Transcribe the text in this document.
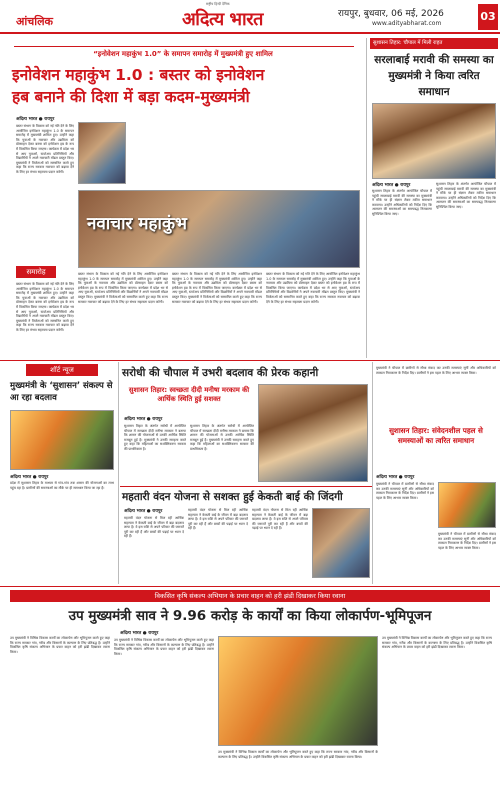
आंचलिक
राष्ट्रीय हिन्दी दैनिक
अदित्य भारत	रायपुर, बुधवार, 06 मई, 2026
www.adityabharat.com
03
“इनोवेशन महाकुंभ 1.0” के समापन समारोह में मुख्यमंत्री हुए शामिल
इनोवेशन महाकुंभ 1.0 : बस्तर को इनोवेशन
हब बनाने की दिशा में बड़ा कदम-मुख्यमंत्री
अदित्य भारत ● रायपुर
बस्तर संभाग के विकास को नई गति देने के लिए आयोजित इनोवेशन महाकुंभ 1.0 के समापन समारोह में मुख्यमंत्री शामिल हुए। उन्होंने कहा कि युवाओं के नवाचार और उद्यमिता को प्रोत्साहन देकर बस्तर को इनोवेशन हब के रूप में विकसित किया जाएगा। कार्यक्रम में प्रदेश भर से आए युवाओं, स्टार्टअप प्रतिनिधियों और विद्यार्थियों ने अपने नवाचारी मॉडल प्रस्तुत किए। मुख्यमंत्री ने विजेताओं को सम्मानित करते हुए कहा कि राज्य सरकार नवाचार को बढ़ावा देने के लिए हर संभव सहायता प्रदान करेगी।
समारोह
बस्तर संभाग के विकास को नई गति देने के लिए आयोजित इनोवेशन महाकुंभ 1.0 के समापन समारोह में मुख्यमंत्री शामिल हुए। उन्होंने कहा कि युवाओं के नवाचार और उद्यमिता को प्रोत्साहन देकर बस्तर को इनोवेशन हब के रूप में विकसित किया जाएगा। कार्यक्रम में प्रदेश भर से आए युवाओं, स्टार्टअप प्रतिनिधियों और विद्यार्थियों ने अपने नवाचारी मॉडल प्रस्तुत किए। मुख्यमंत्री ने विजेताओं को सम्मानित करते हुए कहा कि राज्य सरकार नवाचार को बढ़ावा देने के लिए हर संभव सहायता प्रदान करेगी।
नवाचार महाकुंभ
बस्तर संभाग के विकास को नई गति देने के लिए आयोजित इनोवेशन महाकुंभ 1.0 के समापन समारोह में मुख्यमंत्री शामिल हुए। उन्होंने कहा कि युवाओं के नवाचार और उद्यमिता को प्रोत्साहन देकर बस्तर को इनोवेशन हब के रूप में विकसित किया जाएगा। कार्यक्रम में प्रदेश भर से आए युवाओं, स्टार्टअप प्रतिनिधियों और विद्यार्थियों ने अपने नवाचारी मॉडल प्रस्तुत किए। मुख्यमंत्री ने विजेताओं को सम्मानित करते हुए कहा कि राज्य सरकार नवाचार को बढ़ावा देने के लिए हर संभव सहायता प्रदान करेगी।
बस्तर संभाग के विकास को नई गति देने के लिए आयोजित इनोवेशन महाकुंभ 1.0 के समापन समारोह में मुख्यमंत्री शामिल हुए। उन्होंने कहा कि युवाओं के नवाचार और उद्यमिता को प्रोत्साहन देकर बस्तर को इनोवेशन हब के रूप में विकसित किया जाएगा। कार्यक्रम में प्रदेश भर से आए युवाओं, स्टार्टअप प्रतिनिधियों और विद्यार्थियों ने अपने नवाचारी मॉडल प्रस्तुत किए। मुख्यमंत्री ने विजेताओं को सम्मानित करते हुए कहा कि राज्य सरकार नवाचार को बढ़ावा देने के लिए हर संभव सहायता प्रदान करेगी।
बस्तर संभाग के विकास को नई गति देने के लिए आयोजित इनोवेशन महाकुंभ 1.0 के समापन समारोह में मुख्यमंत्री शामिल हुए। उन्होंने कहा कि युवाओं के नवाचार और उद्यमिता को प्रोत्साहन देकर बस्तर को इनोवेशन हब के रूप में विकसित किया जाएगा। कार्यक्रम में प्रदेश भर से आए युवाओं, स्टार्टअप प्रतिनिधियों और विद्यार्थियों ने अपने नवाचारी मॉडल प्रस्तुत किए। मुख्यमंत्री ने विजेताओं को सम्मानित करते हुए कहा कि राज्य सरकार नवाचार को बढ़ावा देने के लिए हर संभव सहायता प्रदान करेगी।
सुशासन तिहार: चौपाल में मिली राहत
सरलाबाई मरावी की समस्या का मुख्यमंत्री ने किया त्वरित समाधान
अदित्य भारत ● रायपुर
सुशासन तिहार के अंतर्गत आयोजित चौपाल में पहुंची सरलाबाई मरावी की समस्या का मुख्यमंत्री ने मौके पर ही संज्ञान लेकर त्वरित समाधान करवाया। उन्होंने अधिकारियों को निर्देश दिए कि आमजन की समस्याओं का समयबद्ध निराकरण सुनिश्चित किया जाए।
सुशासन तिहार के अंतर्गत आयोजित चौपाल में पहुंची सरलाबाई मरावी की समस्या का मुख्यमंत्री ने मौके पर ही संज्ञान लेकर त्वरित समाधान करवाया। उन्होंने अधिकारियों को निर्देश दिए कि आमजन की समस्याओं का समयबद्ध निराकरण सुनिश्चित किया जाए।
शॉर्ट न्यूज
मुख्यमंत्री के ‘सुशासन’ संकल्प से आ रहा बदलाव
अदित्य भारत ● रायपुर
प्रदेश में सुशासन तिहार के माध्यम से गांव-गांव तक शासन की योजनाओं का लाभ पहुंच रहा है। ग्रामीणों की समस्याओं का मौके पर ही समाधान किया जा रहा है।
सरोधी की चौपाल में उभरी बदलाव की प्रेरक कहानी
सुशासन तिहार: स्वच्छता दीदी मनीषा मरकाम की आर्थिक स्थिति हुई सशक्त
अदित्य भारत ● रायपुर
सुशासन तिहार के अंतर्गत सरोधी में आयोजित चौपाल में स्वच्छता दीदी मनीषा मरकाम ने बताया कि शासन की योजनाओं से उनकी आर्थिक स्थिति मजबूत हुई है। मुख्यमंत्री ने उनकी सराहना करते हुए कहा कि महिलाओं का सशक्तिकरण सरकार की प्राथमिकता है।
सुशासन तिहार के अंतर्गत सरोधी में आयोजित चौपाल में स्वच्छता दीदी मनीषा मरकाम ने बताया कि शासन की योजनाओं से उनकी आर्थिक स्थिति मजबूत हुई है। मुख्यमंत्री ने उनकी सराहना करते हुए कहा कि महिलाओं का सशक्तिकरण सरकार की प्राथमिकता है।
मुख्यमंत्री ने चौपाल में ग्रामीणों से सीधा संवाद कर उनकी समस्याएं सुनीं और अधिकारियों को तत्काल निराकरण के निर्देश दिए। ग्रामीणों ने इस पहल के लिए आभार व्यक्त किया।
सुशासन तिहार: संवेदनशील पहल से समस्याओं का त्वरित समाधान
अदित्य भारत ● रायपुर
मुख्यमंत्री ने चौपाल में ग्रामीणों से सीधा संवाद कर उनकी समस्याएं सुनीं और अधिकारियों को तत्काल निराकरण के निर्देश दिए। ग्रामीणों ने इस पहल के लिए आभार व्यक्त किया।
मुख्यमंत्री ने चौपाल में ग्रामीणों से सीधा संवाद कर उनकी समस्याएं सुनीं और अधिकारियों को तत्काल निराकरण के निर्देश दिए। ग्रामीणों ने इस पहल के लिए आभार व्यक्त किया।
महतारी वंदन योजना से सशक्त हुई केकती बाई की जिंदगी
अदित्य भारत ● रायपुर
महतारी वंदन योजना से मिल रही आर्थिक सहायता ने केकती बाई के जीवन में बड़ा बदलाव लाया है। वे इस राशि से अपने परिवार की जरूरतें पूरी कर रही हैं और बच्चों की पढ़ाई पर ध्यान दे रही हैं।
महतारी वंदन योजना से मिल रही आर्थिक सहायता ने केकती बाई के जीवन में बड़ा बदलाव लाया है। वे इस राशि से अपने परिवार की जरूरतें पूरी कर रही हैं और बच्चों की पढ़ाई पर ध्यान दे रही हैं।
महतारी वंदन योजना से मिल रही आर्थिक सहायता ने केकती बाई के जीवन में बड़ा बदलाव लाया है। वे इस राशि से अपने परिवार की जरूरतें पूरी कर रही हैं और बच्चों की पढ़ाई पर ध्यान दे रही हैं।
विकसित कृषि संकल्प अभियान के प्रचार वाहन को हरी झंडी दिखाकर किया रवाना
उप मुख्यमंत्री साव ने 9.96 करोड़ के कार्यों का किया लोकार्पण-भूमिपूजन
अदित्य भारत ● रायपुर
उप मुख्यमंत्री ने विभिन्न विकास कार्यों का लोकार्पण और भूमिपूजन करते हुए कहा कि राज्य सरकार गांव, गरीब और किसानों के कल्याण के लिए प्रतिबद्ध है। उन्होंने विकसित कृषि संकल्प अभियान के प्रचार वाहन को हरी झंडी दिखाकर रवाना किया।
उप मुख्यमंत्री ने विभिन्न विकास कार्यों का लोकार्पण और भूमिपूजन करते हुए कहा कि राज्य सरकार गांव, गरीब और किसानों के कल्याण के लिए प्रतिबद्ध है। उन्होंने विकसित कृषि संकल्प अभियान के प्रचार वाहन को हरी झंडी दिखाकर रवाना किया।
उप मुख्यमंत्री ने विभिन्न विकास कार्यों का लोकार्पण और भूमिपूजन करते हुए कहा कि राज्य सरकार गांव, गरीब और किसानों के कल्याण के लिए प्रतिबद्ध है। उन्होंने विकसित कृषि संकल्प अभियान के प्रचार वाहन को हरी झंडी दिखाकर रवाना किया।
उप मुख्यमंत्री ने विभिन्न विकास कार्यों का लोकार्पण और भूमिपूजन करते हुए कहा कि राज्य सरकार गांव, गरीब और किसानों के कल्याण के लिए प्रतिबद्ध है। उन्होंने विकसित कृषि संकल्प अभियान के प्रचार वाहन को हरी झंडी दिखाकर रवाना किया।
